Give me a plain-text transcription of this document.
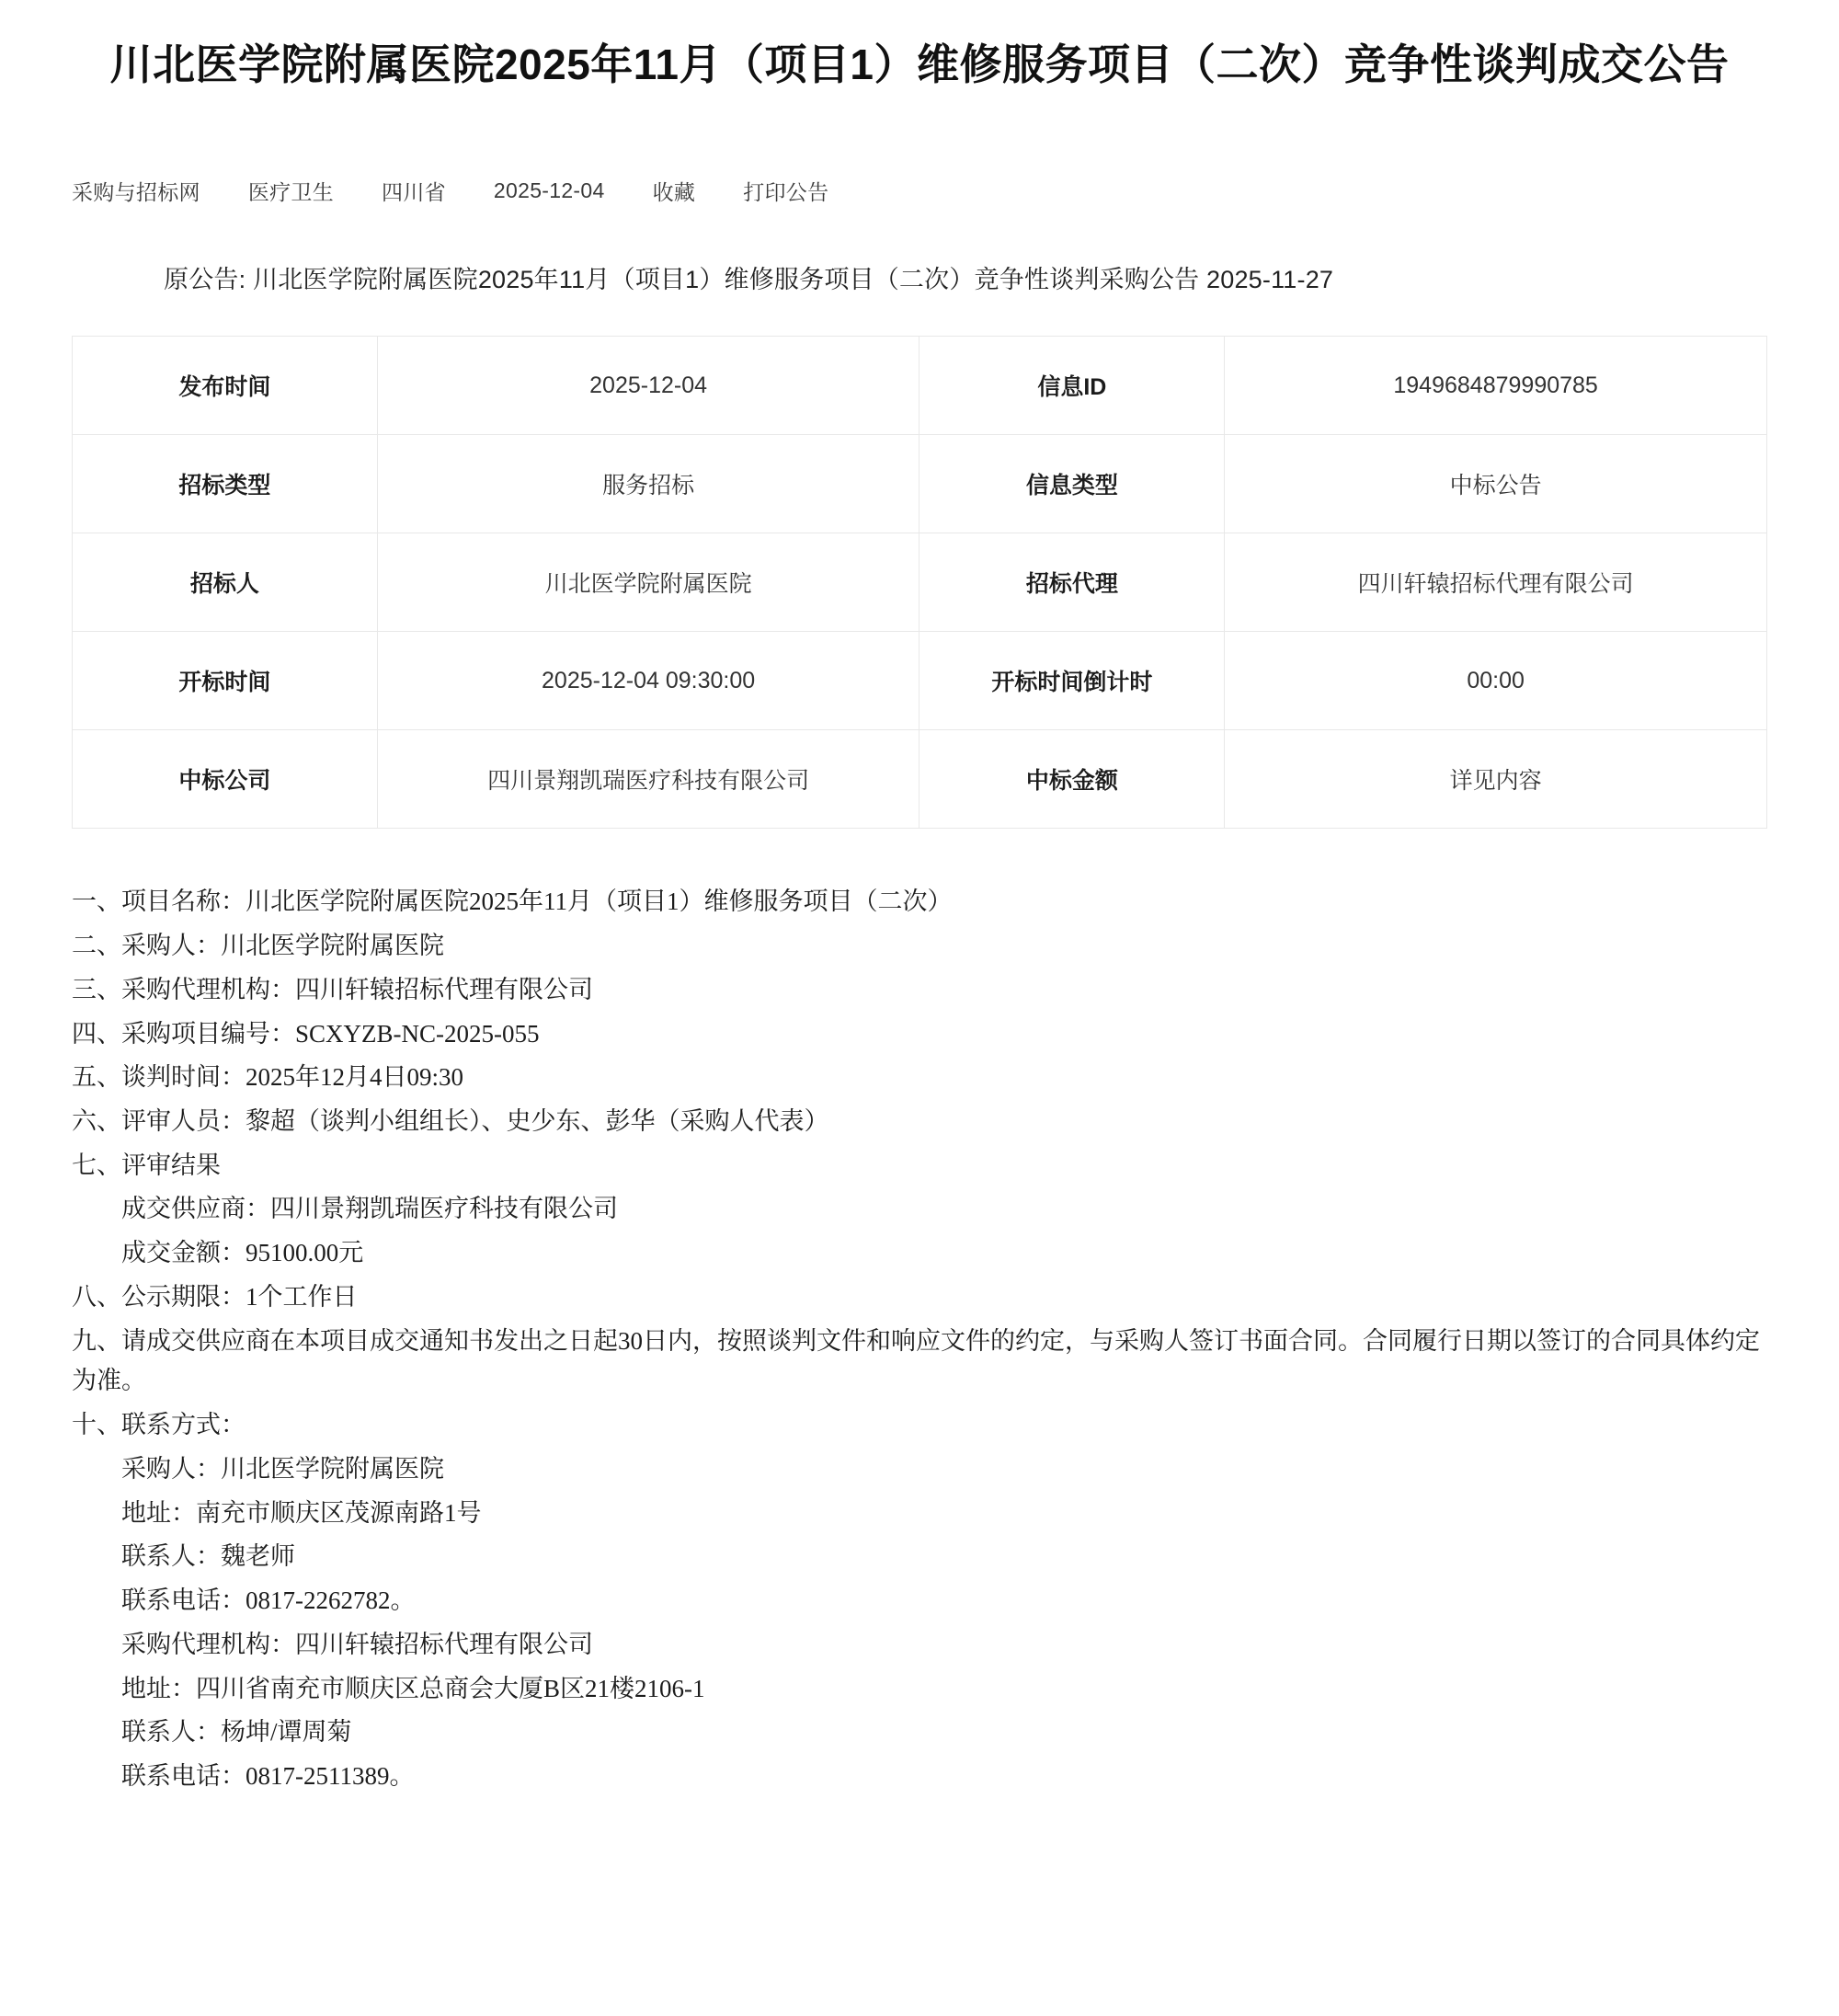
川北医学院附属医院2025年11月（项目1）维修服务项目（二次）竞争性谈判成交公告
采购与招标网 医疗卫生 四川省 2025-12-04 收藏 打印公告
原公告: 川北医学院附属医院2025年11月（项目1）维修服务项目（二次）竞争性谈判采购公告 2025-11-27
发布时间	2025-12-04	信息ID	1949684879990785
招标类型	服务招标	信息类型	中标公告
招标人	川北医学院附属医院	招标代理	四川轩辕招标代理有限公司
开标时间	2025-12-04 09:30:00	开标时间倒计时	00:00
中标公司	四川景翔凯瑞医疗科技有限公司	中标金额	详见内容

一、项目名称：川北医学院附属医院2025年11月（项目1）维修服务项目（二次）

二、采购人：川北医学院附属医院

三、采购代理机构：四川轩辕招标代理有限公司

四、采购项目编号：SCXYZB-NC-2025-055

五、谈判时间：2025年12月4日09:30

六、评审人员：黎超（谈判小组组长）、史少东、彭华（采购人代表）

七、评审结果

成交供应商：四川景翔凯瑞医疗科技有限公司

成交金额：95100.00元

八、公示期限：1个工作日

九、请成交供应商在本项目成交通知书发出之日起30日内，按照谈判文件和响应文件的约定，与采购人签订书面合同。合同履行日期以签订的合同具体约定为准。

十、联系方式：

采购人：川北医学院附属医院

地址：南充市顺庆区茂源南路1号

联系人：魏老师

联系电话：0817-2262782。

采购代理机构：四川轩辕招标代理有限公司

地址：四川省南充市顺庆区总商会大厦B区21楼2106-1

联系人：杨坤/谭周菊

联系电话：0817-2511389。
